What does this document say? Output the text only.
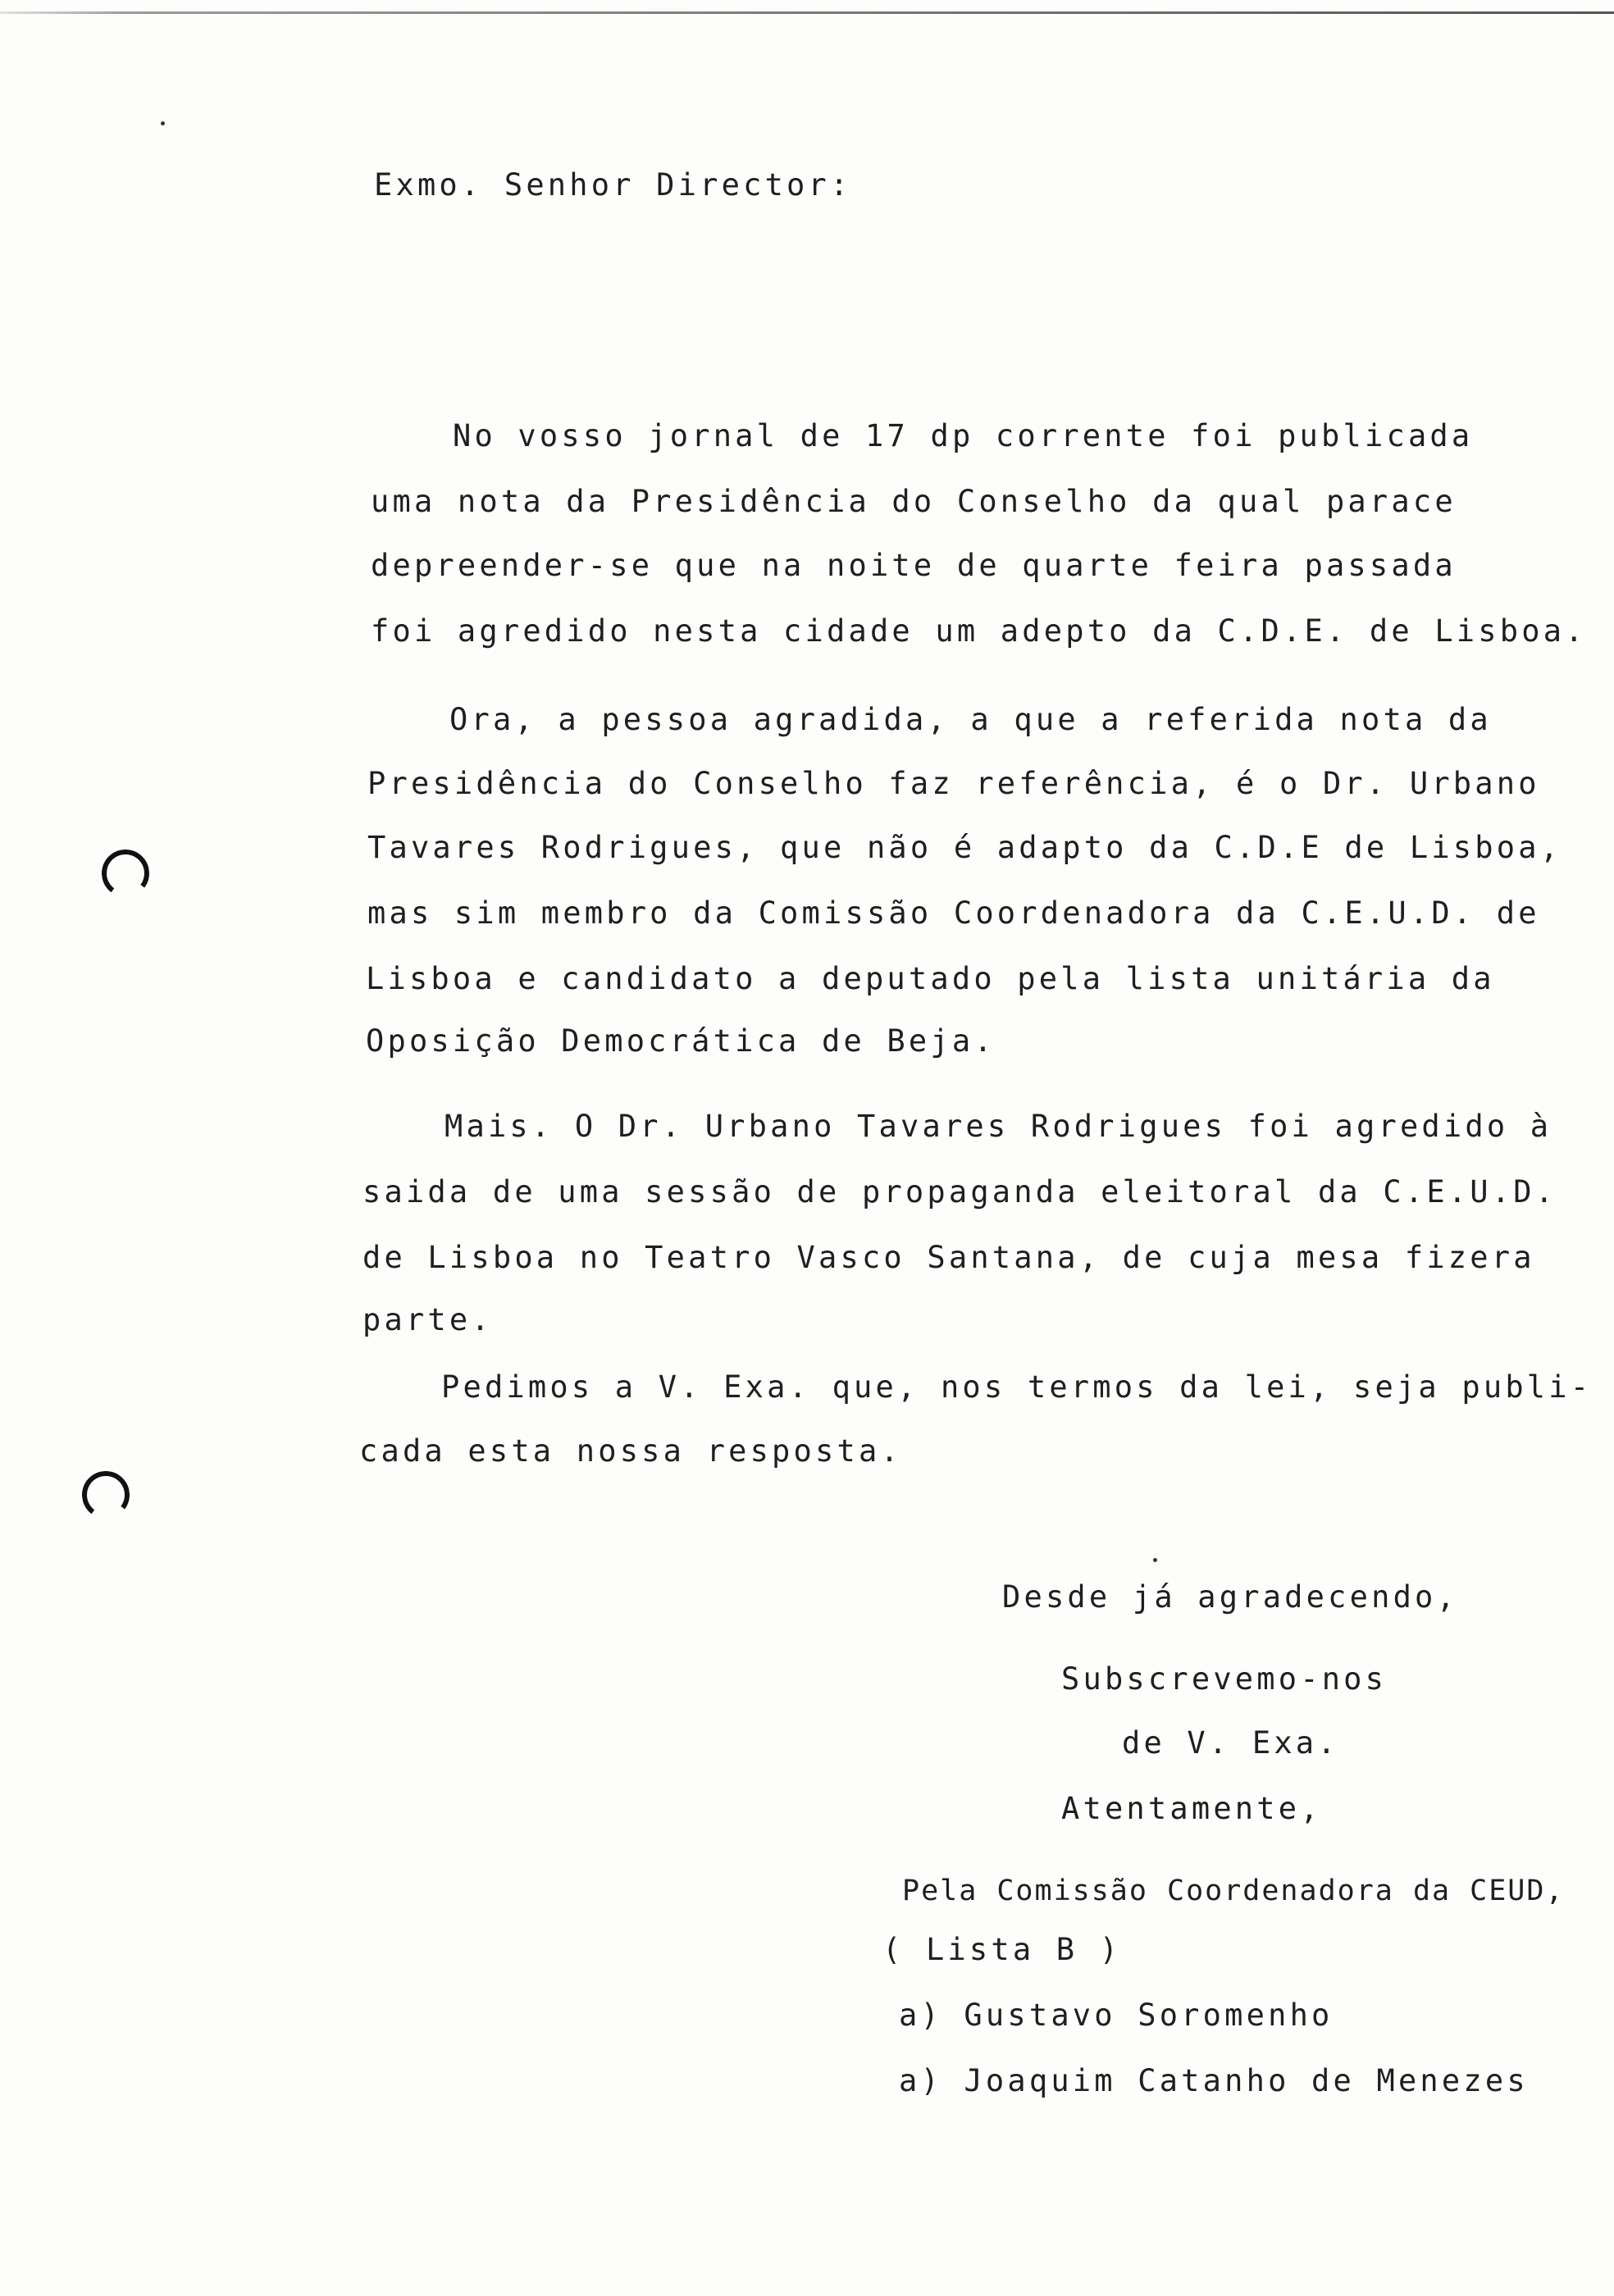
Exmo. Senhor Director:
No vosso jornal de 17 dp corrente foi publicada
uma nota da Presidência do Conselho da qual parace
depreender-se que na noite de quarte feira passada
foi agredido nesta cidade um adepto da C.D.E. de Lisboa.
Ora, a pessoa agradida, a que a referida nota da
Presidência do Conselho faz referência, é o Dr. Urbano
Tavares Rodrigues, que não é adapto da C.D.E de Lisboa,
mas sim membro da Comissão Coordenadora da C.E.U.D. de
Lisboa e candidato a deputado pela lista unitária da
Oposição Democrática de Beja.
Mais. O Dr. Urbano Tavares Rodrigues foi agredido à
saida de uma sessão de propaganda eleitoral da C.E.U.D.
de Lisboa no Teatro Vasco Santana, de cuja mesa fizera
parte.
Pedimos a V. Exa. que, nos termos da lei, seja publi-
cada esta nossa resposta.
Desde já agradecendo,
Subscrevemo-nos
de V. Exa.
Atentamente,
Pela Comissão Coordenadora da CEUD,
( Lista B )
a) Gustavo Soromenho
a) Joaquim Catanho de Menezes
